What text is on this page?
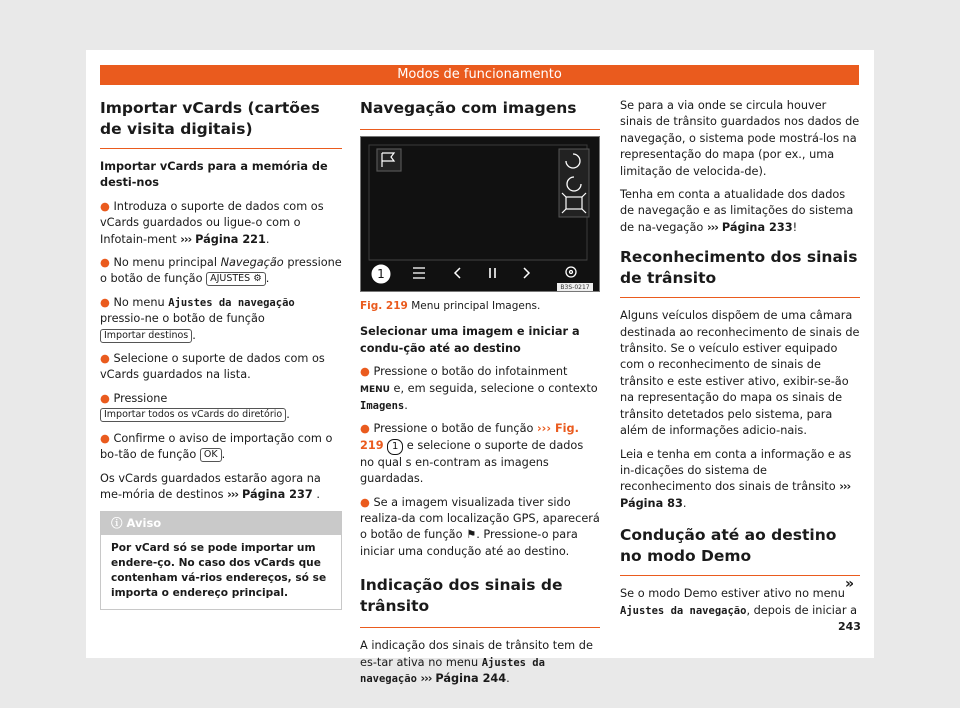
Modos de funcionamento
Importar vCards (cartões de visita digitais)

Importar vCards para a memória de desti-nos

● Introduza o suporte de dados com os vCards guardados ou ligue-o com o Infotain-ment ››› Página 221.

● No menu principal Navegação pressione o botão de função AJUSTES ⚙ .

● No menu Ajustes da navegação pressio-ne o botão de função Importar destinos .

● Selecione o suporte de dados com os vCards guardados na lista.

● Pressione
Importar todos os vCards do diretório .

● Confirme o aviso de importação com o bo-tão de função OK .

Os vCards guardados estarão agora na me-mória de destinos ››› Página 237 .

ⓘ Aviso
Por vCard só se pode importar um endere-ço. No caso dos vCards que contenham vá-rios endereços, só se importa o endereço principal.
Navegação com imagens
1
B3S-0217
Fig. 219 Menu principal Imagens.

Selecionar uma imagem e iniciar a condu-ção até ao destino

● Pressione o botão do infotainment MENU e, em seguida, selecione o contexto Imagens.

● Pressione o botão de função ››› Fig. 219 1 e selecione o suporte de dados no qual s en-contram as imagens guardadas.

● Se a imagem visualizada tiver sido realiza-da com localização GPS, aparecerá o botão de função ⚑. Pressione-o para iniciar uma condução até ao destino.

Indicação dos sinais de trânsito

A indicação dos sinais de trânsito tem de es-tar ativa no menu Ajustes da navegação ››› Página 244.

Se para a via onde se circula houver sinais de trânsito guardados nos dados de navegação, o sistema pode mostrá-los na representação do mapa (por ex., uma limitação de velocida-de).

Tenha em conta a atualidade dos dados de navegação e as limitações do sistema de na-vegação ››› Página 233!

Reconhecimento dos sinais de trânsito

Alguns veículos dispõem de uma câmara destinada ao reconhecimento de sinais de trânsito. Se o veículo estiver equipado com o reconhecimento de sinais de trânsito e este estiver ativo, exibir-se-ão na representação do mapa os sinais de trânsito detetados pelo sistema, para além de informações adicio-nais.

Leia e tenha em conta a informação e as in-dicações do sistema de reconhecimento dos sinais de trânsito ››› Página 83.

Condução até ao destino no modo Demo

Se o modo Demo estiver ativo no menu Ajustes da navegação, depois de iniciar a

»
243
